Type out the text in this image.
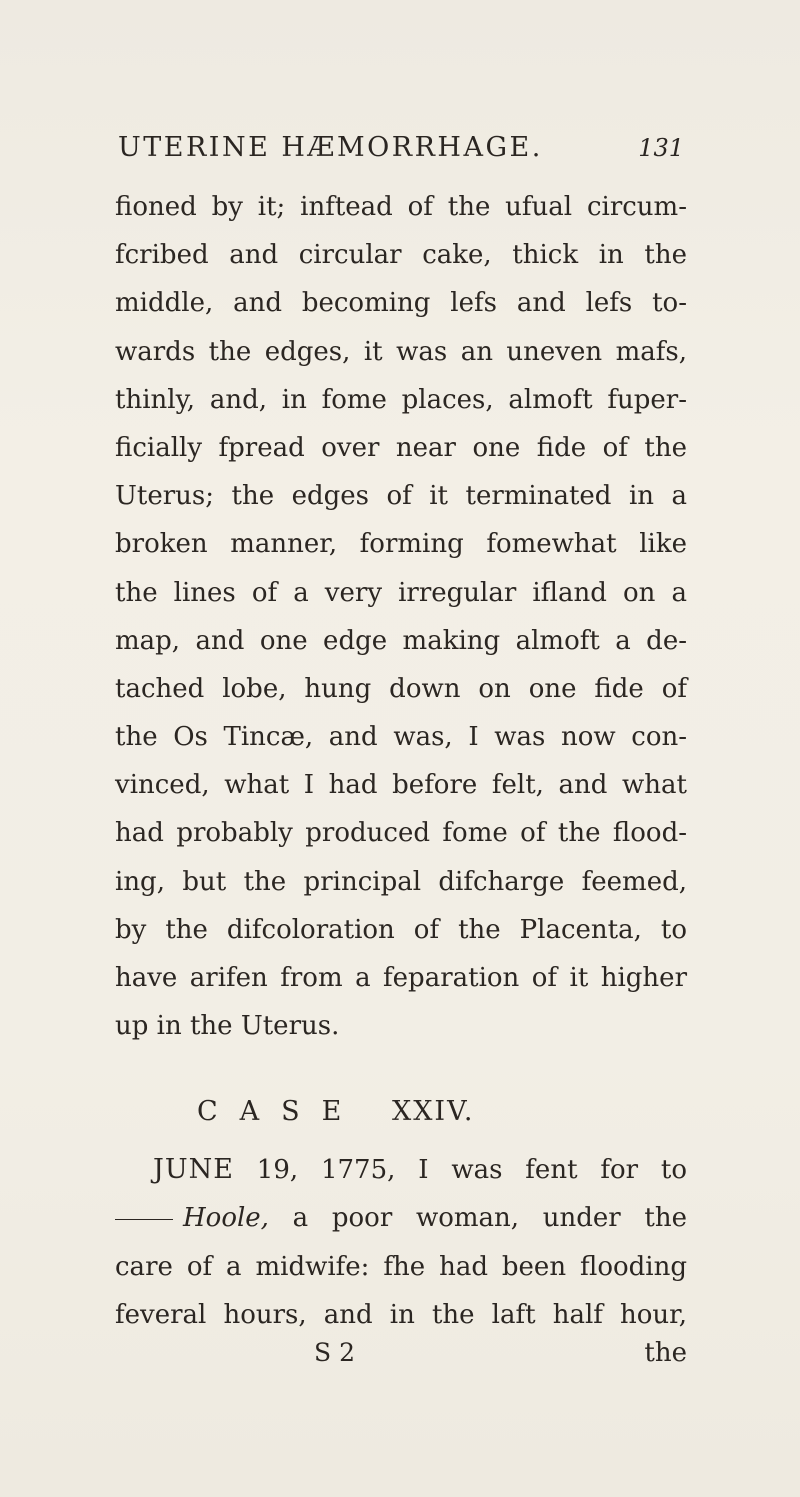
UTERINE HÆMORRHAGE.	131
fioned by it; inftead of the ufual circum-
fcribed and circular cake, thick in the
middle, and becoming lefs and lefs to-
wards the edges, it was an uneven mafs,
thinly, and, in fome places, almoft fuper-
ficially fpread over near one fide of the
Uterus; the edges of it terminated in a
broken manner, forming fomewhat like
the lines of a very irregular ifland on a
map, and one edge making almoft a de-
tached lobe, hung down on one fide of
the Os Tincæ, and was, I was now con-
vinced, what I had before felt, and what
had probably produced fome of the flood-
ing, but the principal difcharge feemed,
by the difcoloration of the Placenta, to
have arifen from a feparation of it higher
up in the Uterus.
CASE XXIV.
JUNE 19, 1775, I was fent for to
Hoole, a poor woman, under the
care of a midwife: fhe had been flooding
feveral hours, and in the laft half hour,
S 2	the
